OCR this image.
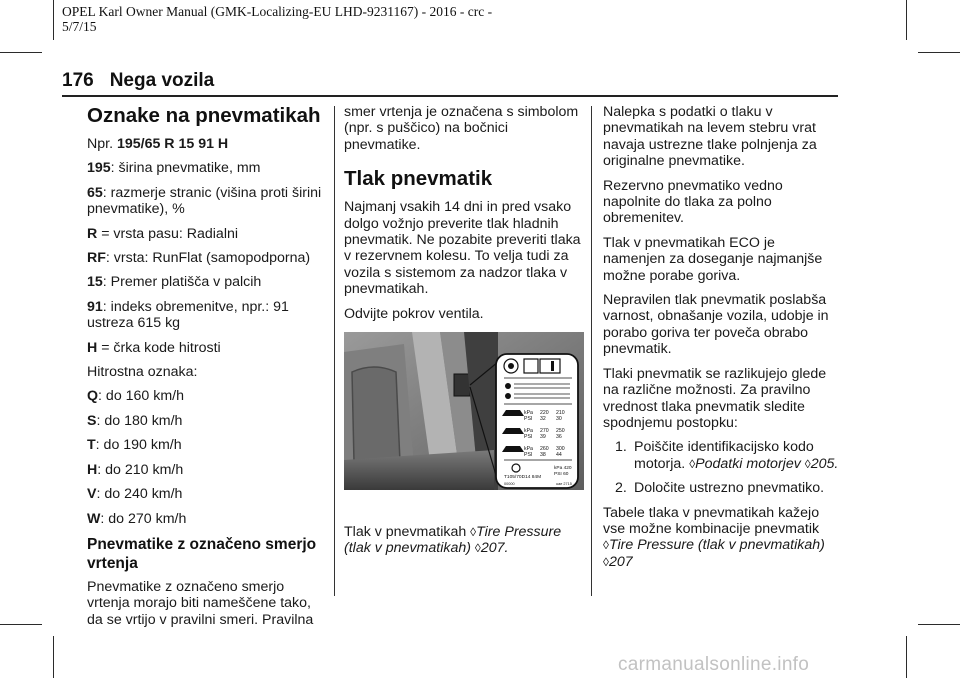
OPEL Karl Owner Manual (GMK-Localizing-EU LHD-9231167) - 2016 - crc -
5/7/15
176 Nega vozila
Oznake na pnevmatikah

Npr. 195/65 R 15 91 H

195: širina pnevmatike, mm

65: razmerje stranic (višina proti širini pnevmatike), %

R = vrsta pasu: Radialni

RF: vrsta: RunFlat (samopodporna)

15: Premer platišča v palcih

91: indeks obremenitve, npr.: 91 ustreza 615 kg

H = črka kode hitrosti

Hitrostna oznaka:

Q: do 160 km/h

S: do 180 km/h

T: do 190 km/h

H: do 210 km/h

V: do 240 km/h

W: do 270 km/h

Pnevmatike z označeno smerjo vrtenja

Pnevmatike z označeno smerjo vrtenja morajo biti nameščene tako, da se vrtijo v pravilni smeri. Pravilna

smer vrtenja je označena s simbolom (npr. s puščico) na bočnici pnevmatike.

Tlak pnevmatik

Najmanj vsakih 14 dni in pred vsako dolgo vožnjo preverite tlak hladnih pnevmatik. Ne pozabite preveriti tlaka v rezervnem kolesu. To velja tudi za vozila s sistemom za nadzor tlaka v pnevmatikah.

Odvijte pokrov ventila.

kPa 220 210
PSI 32 30
kPa 270 250
PSI 39 36
kPa 260 300
PSI 38 44
T105/70D14 84M
kPa 420
PSI 60
00000	uae 2715

Tlak v pnevmatikah ◊Tire Pressure (tlak v pnevmatikah) ◊207.

Nalepka s podatki o tlaku v pnevmatikah na levem stebru vrat navaja ustrezne tlake polnjenja za originalne pnevmatike.

Rezervno pnevmatiko vedno napolnite do tlaka za polno obremenitev.

Tlak v pnevmatikah ECO je namenjen za doseganje najmanjše možne porabe goriva.

Nepravilen tlak pnevmatik poslabša varnost, obnašanje vozila, udobje in porabo goriva ter poveča obrabo pnevmatik.

Tlaki pnevmatik se razlikujejo glede na različne možnosti. Za pravilno vrednost tlaka pnevmatik sledite spodnjemu postopku:

1. Poiščite identifikacijsko kodo motorja. ◊Podatki motorjev ◊205.
2. Določite ustrezno pnevmatiko.

Tabele tlaka v pnevmatikah kažejo vse možne kombinacije pnevmatik
◊Tire Pressure (tlak v pnevmatikah) ◊207

carmanualsonline.info
